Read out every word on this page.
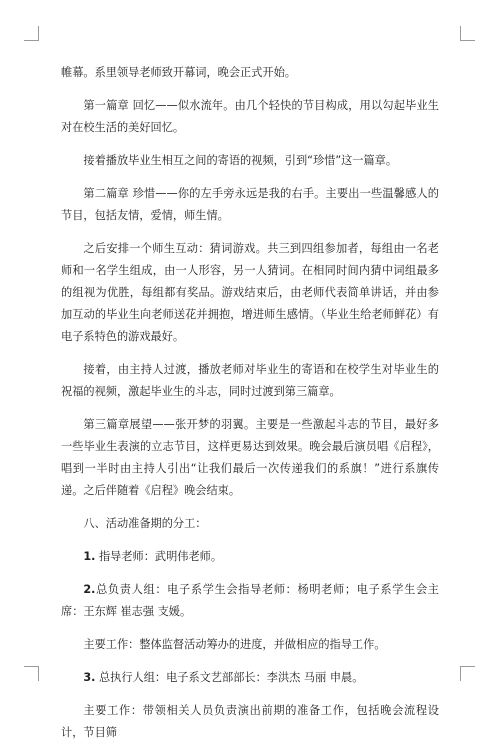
帷幕。系里领导老师致开幕词，晚会正式开始。

第一篇章 回忆——似水流年。由几个轻快的节目构成，用以勾起毕业生对在校生活的美好回忆。

接着播放毕业生相互之间的寄语的视频，引到“珍惜”这一篇章。

第二篇章 珍惜——你的左手旁永远是我的右手。主要出一些温馨感人的节目，包括友情，爱情，师生情。

之后安排一个师生互动：猜词游戏。共三到四组参加者，每组由一名老师和一名学生组成，由一人形容，另一人猜词。在相同时间内猜中词组最多的组视为优胜，每组都有奖品。游戏结束后，由老师代表简单讲话，并由参加互动的毕业生向老师送花并拥抱，增进师生感情。（毕业生给老师鲜花）有电子系特色的游戏最好。

接着，由主持人过渡，播放老师对毕业生的寄语和在校学生对毕业生的祝福的视频，激起毕业生的斗志，同时过渡到第三篇章。

第三篇章展望——张开梦的羽翼。主要是一些激起斗志的节目，最好多一些毕业生表演的立志节目，这样更易达到效果。晚会最后演员唱《启程》，唱到一半时由主持人引出“让我们最后一次传递我们的系旗！”进行系旗传递。之后伴随着《启程》晚会结束。

八、活动准备期的分工：

1. 指导老师：武明伟老师。

2.总负责人组：电子系学生会指导老师：杨明老师；电子系学生会主席：王东辉 崔志强 支媛。

主要工作：整体监督活动筹办的进度，并做相应的指导工作。

3. 总执行人组：电子系文艺部部长：李洪杰 马丽 申晨。

主要工作：带领相关人员负责演出前期的准备工作，包括晚会流程设计，节目筛
